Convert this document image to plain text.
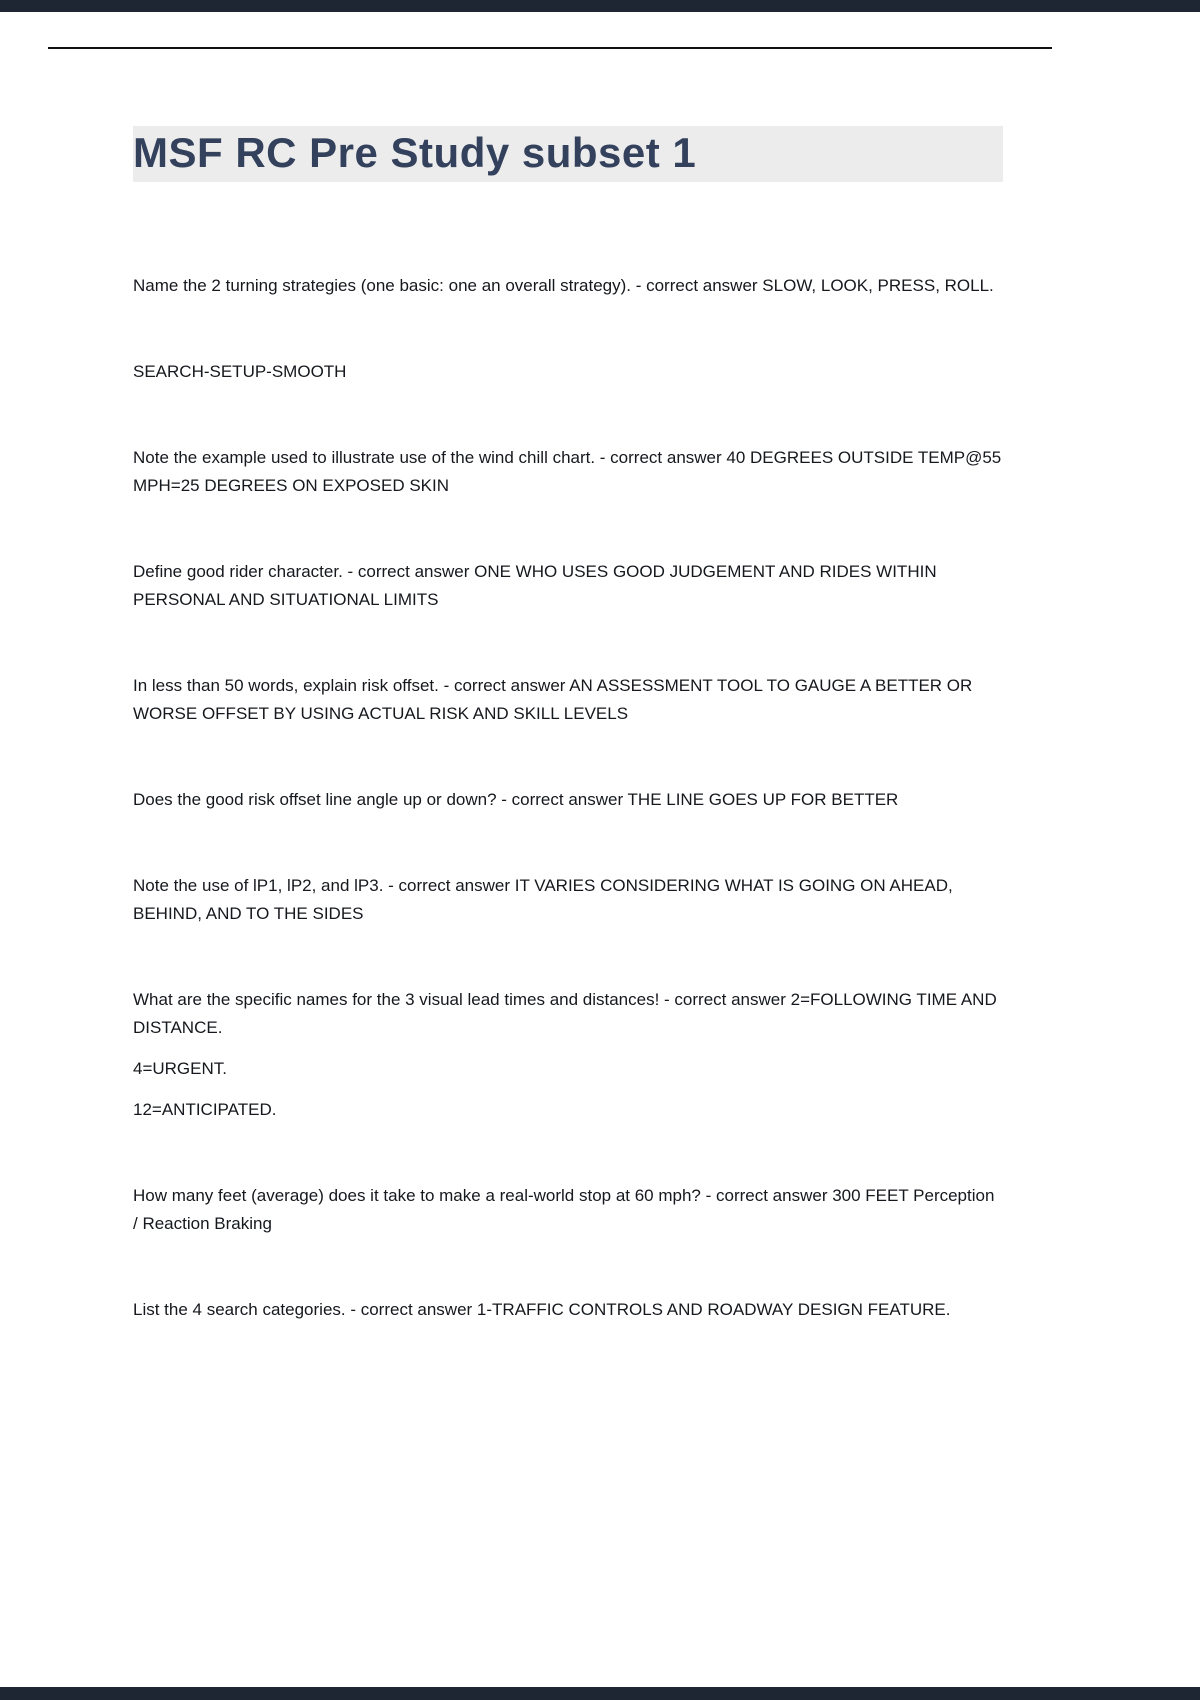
MSF RC Pre Study subset 1

Name the 2 turning strategies (one basic: one an overall strategy). - correct answer SLOW, LOOK, PRESS, ROLL.

SEARCH-SETUP-SMOOTH

Note the example used to illustrate use of the wind chill chart. - correct answer 40 DEGREES OUTSIDE TEMP@55 MPH=25 DEGREES ON EXPOSED SKIN

Define good rider character. - correct answer ONE WHO USES GOOD JUDGEMENT AND RIDES WITHIN PERSONAL AND SITUATIONAL LIMITS

In less than 50 words, explain risk offset. - correct answer AN ASSESSMENT TOOL TO GAUGE A BETTER OR WORSE OFFSET BY USING ACTUAL RISK AND SKILL LEVELS

Does the good risk offset line angle up or down? - correct answer THE LINE GOES UP FOR BETTER

Note the use of lP1, lP2, and lP3. - correct answer IT VARIES CONSIDERING WHAT IS GOING ON AHEAD, BEHIND, AND TO THE SIDES

What are the specific names for the 3 visual lead times and distances! - correct answer 2=FOLLOWING TIME AND DISTANCE.

4=URGENT.

12=ANTICIPATED.

How many feet (average) does it take to make a real-world stop at 60 mph? - correct answer 300 FEET Perception / Reaction Braking

List the 4 search categories. - correct answer 1-TRAFFIC CONTROLS AND ROADWAY DESIGN FEATURE.
